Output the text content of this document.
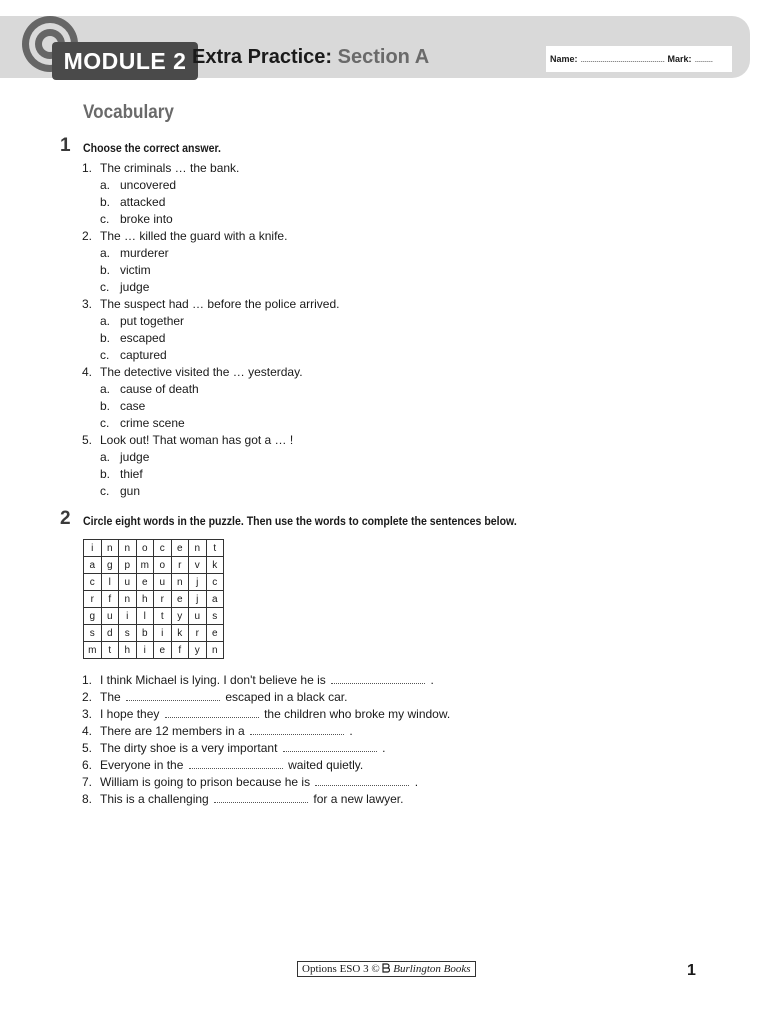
MODULE 2 Extra Practice: Section A	Name: .......................................... Mark: .........
Vocabulary
1 Choose the correct answer.
1. The criminals … the bank.
a. uncovered
b. attacked
c. broke into
2. The … killed the guard with a knife.
a. murderer
b. victim
c. judge
3. The suspect had … before the police arrived.
a. put together
b. escaped
c. captured
4. The detective visited the … yesterday.
a. cause of death
b. case
c. crime scene
5. Look out! That woman has got a … !
a. judge
b. thief
c. gun
2 Circle eight words in the puzzle. Then use the words to complete the sentences below.
i	n	n	o	c	e	n	t
a	g	p	m	o	r	v	k
c	l	u	e	u	n	j	c
r	f	n	h	r	e	j	a
g	u	i	l	t	y	u	s
s	d	s	b	i	k	r	e
m	t	h	i	e	f	y	n
1. I think Michael is lying. I don't believe he is	.
2. The	escaped in a black car.
3. I hope they	the children who broke my window.
4. There are 12 members in a	.
5. The dirty shoe is a very important	.
6. Everyone in the	waited quietly.
7. William is going to prison because he is	.
8. This is a challenging	for a new lawyer.
Options ESO 3 © Burlington Books	1
